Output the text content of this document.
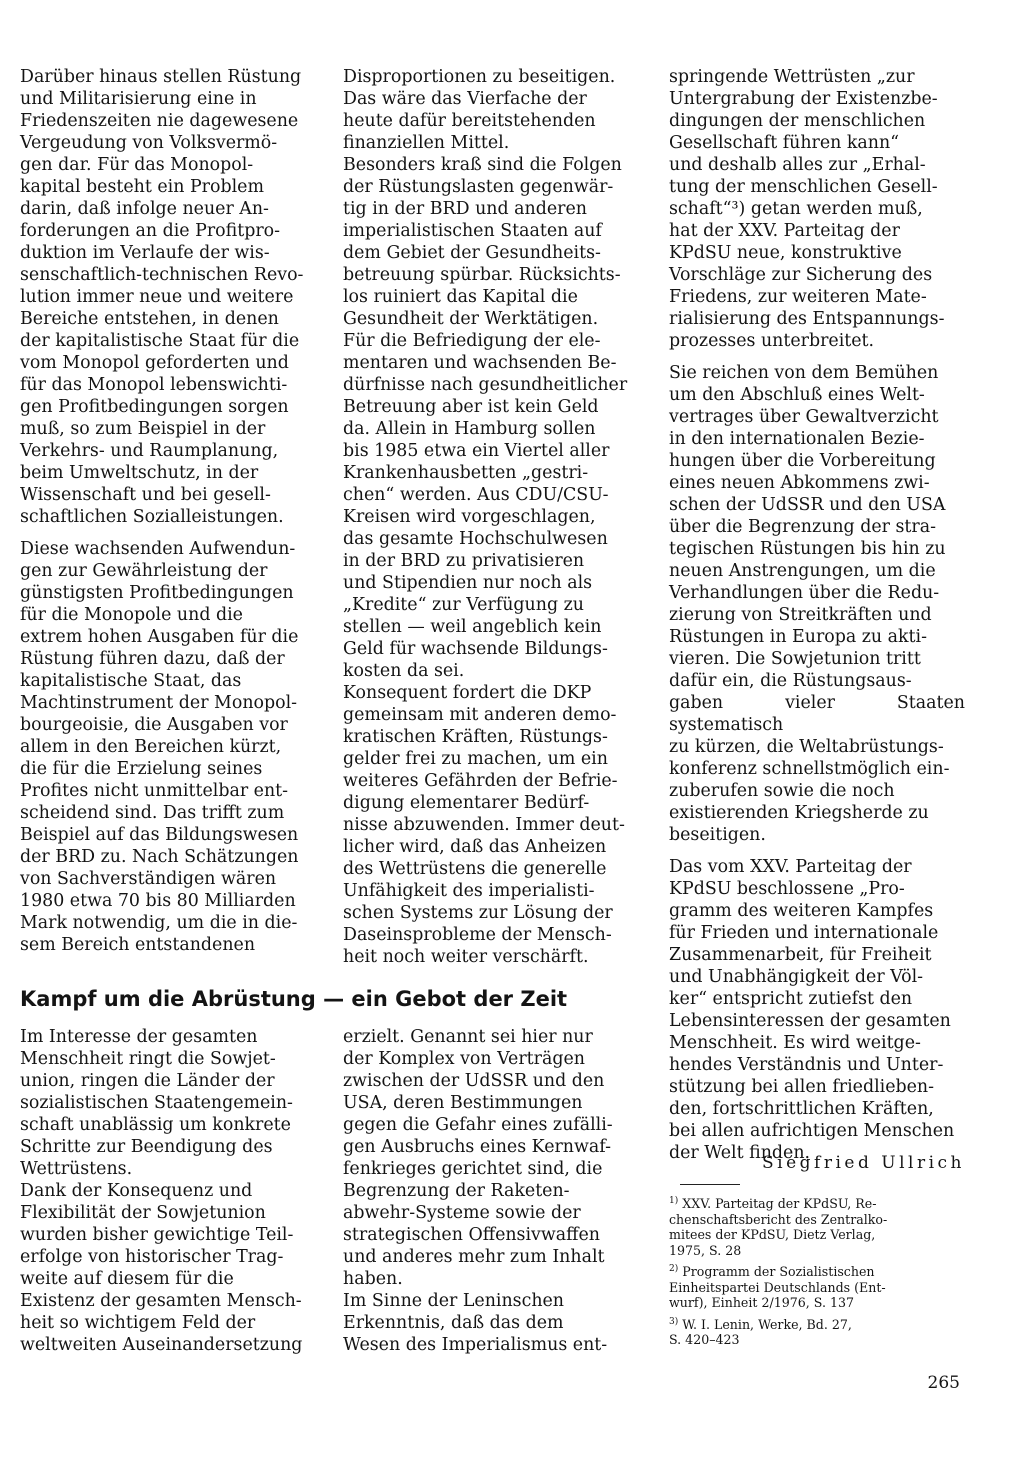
Darüber hinaus stellen Rüstung
und Militarisierung eine in
Friedenszeiten nie dagewesene
Vergeudung von Volksvermö-
gen dar. Für das Monopol-
kapital besteht ein Problem
darin, daß infolge neuer An-
forderungen an die Profitpro-
duktion im Verlaufe der wis-
senschaftlich-technischen Revo-
lution immer neue und weitere
Bereiche entstehen, in denen
der kapitalistische Staat für die
vom Monopol geforderten und
für das Monopol lebenswichti-
gen Profitbedingungen sorgen
muß, so zum Beispiel in der
Verkehrs- und Raumplanung,
beim Umweltschutz, in der
Wissenschaft und bei gesell-
schaftlichen Sozialleistungen.

Diese wachsenden Aufwendun-
gen zur Gewährleistung der
günstigsten Profitbedingungen
für die Monopole und die
extrem hohen Ausgaben für die
Rüstung führen dazu, daß der
kapitalistische Staat, das
Machtinstrument der Monopol-
bourgeoisie, die Ausgaben vor
allem in den Bereichen kürzt,
die für die Erzielung seines
Profites nicht unmittelbar ent-
scheidend sind. Das trifft zum
Beispiel auf das Bildungswesen
der BRD zu. Nach Schätzungen
von Sachverständigen wären
1980 etwa 70 bis 80 Milliarden
Mark notwendig, um die in die-
sem Bereich entstandenen

Disproportionen zu beseitigen.
Das wäre das Vierfache der
heute dafür bereitstehenden
finanziellen Mittel.

Besonders kraß sind die Folgen
der Rüstungslasten gegenwär-
tig in der BRD und anderen
imperialistischen Staaten auf
dem Gebiet der Gesundheits-
betreuung spürbar. Rücksichts-
los ruiniert das Kapital die
Gesundheit der Werktätigen.
Für die Befriedigung der ele-
mentaren und wachsenden Be-
dürfnisse nach gesundheitlicher
Betreuung aber ist kein Geld
da. Allein in Hamburg sollen
bis 1985 etwa ein Viertel aller
Krankenhausbetten „gestri-
chen“ werden. Aus CDU/CSU-
Kreisen wird vorgeschlagen,
das gesamte Hochschulwesen
in der BRD zu privatisieren
und Stipendien nur noch als
„Kredite“ zur Verfügung zu
stellen — weil angeblich kein
Geld für wachsende Bildungs-
kosten da sei.

Konsequent fordert die DKP
gemeinsam mit anderen demo-
kratischen Kräften, Rüstungs-
gelder frei zu machen, um ein
weiteres Gefährden der Befrie-
digung elementarer Bedürf-
nisse abzuwenden. Immer deut-
licher wird, daß das Anheizen
des Wettrüstens die generelle
Unfähigkeit des imperialisti-
schen Systems zur Lösung der
Daseinsprobleme der Mensch-
heit noch weiter verschärft.

springende Wettrüsten „zur
Untergrabung der Existenzbe-
dingungen der menschlichen
Gesellschaft führen kann“
und deshalb alles zur „Erhal-
tung der menschlichen Gesell-
schaft“³) getan werden muß,
hat der XXV. Parteitag der
KPdSU neue, konstruktive
Vorschläge zur Sicherung des
Friedens, zur weiteren Mate-
rialisierung des Entspannungs-
prozesses unterbreitet.

Sie reichen von dem Bemühen
um den Abschluß eines Welt-
vertrages über Gewaltverzicht
in den internationalen Bezie-
hungen über die Vorbereitung
eines neuen Abkommens zwi-
schen der UdSSR und den USA
über die Begrenzung der stra-
tegischen Rüstungen bis hin zu
neuen Anstrengungen, um die
Verhandlungen über die Redu-
zierung von Streitkräften und
Rüstungen in Europa zu akti-
vieren. Die Sowjetunion tritt
dafür ein, die Rüstungsaus-
gaben vieler Staaten systematisch
zu kürzen, die Weltabrüstungs-
konferenz schnellstmöglich ein-
zuberufen sowie die noch
existierenden Kriegsherde zu
beseitigen.

Das vom XXV. Parteitag der
KPdSU beschlossene „Pro-
gramm des weiteren Kampfes
für Frieden und internationale
Zusammenarbeit, für Freiheit
und Unabhängigkeit der Völ-
ker“ entspricht zutiefst den
Lebensinteressen der gesamten
Menschheit. Es wird weitge-
hendes Verständnis und Unter-
stützung bei allen friedlieben-
den, fortschrittlichen Kräften,
bei allen aufrichtigen Menschen
der Welt finden.

Kampf um die Abrüstung — ein Gebot der Zeit

Im Interesse der gesamten
Menschheit ringt die Sowjet-
union, ringen die Länder der
sozialistischen Staatengemein-
schaft unablässig um konkrete
Schritte zur Beendigung des
Wettrüstens.

Dank der Konsequenz und
Flexibilität der Sowjetunion
wurden bisher gewichtige Teil-
erfolge von historischer Trag-
weite auf diesem für die
Existenz der gesamten Mensch-
heit so wichtigem Feld der
weltweiten Auseinandersetzung

erzielt. Genannt sei hier nur
der Komplex von Verträgen
zwischen der UdSSR und den
USA, deren Bestimmungen
gegen die Gefahr eines zufälli-
gen Ausbruchs eines Kernwaf-
fenkrieges gerichtet sind, die
Begrenzung der Raketen-
abwehr-Systeme sowie der
strategischen Offensivwaffen
und anderes mehr zum Inhalt
haben.

Im Sinne der Leninschen
Erkenntnis, daß das dem
Wesen des Imperialismus ent-

Siegfried Ullrich

$^{1)}$ XXV. Parteitag der KPdSU, Re-
chenschaftsbericht des Zentralko-
mitees der KPdSU, Dietz Verlag,
1975, S. 28

$^{2)}$ Programm der Sozialistischen
Einheitspartei Deutschlands (Ent-
wurf), Einheit 2/1976, S. 137

$^{3)}$ W. I. Lenin, Werke, Bd. 27,
S. 420–423

265
